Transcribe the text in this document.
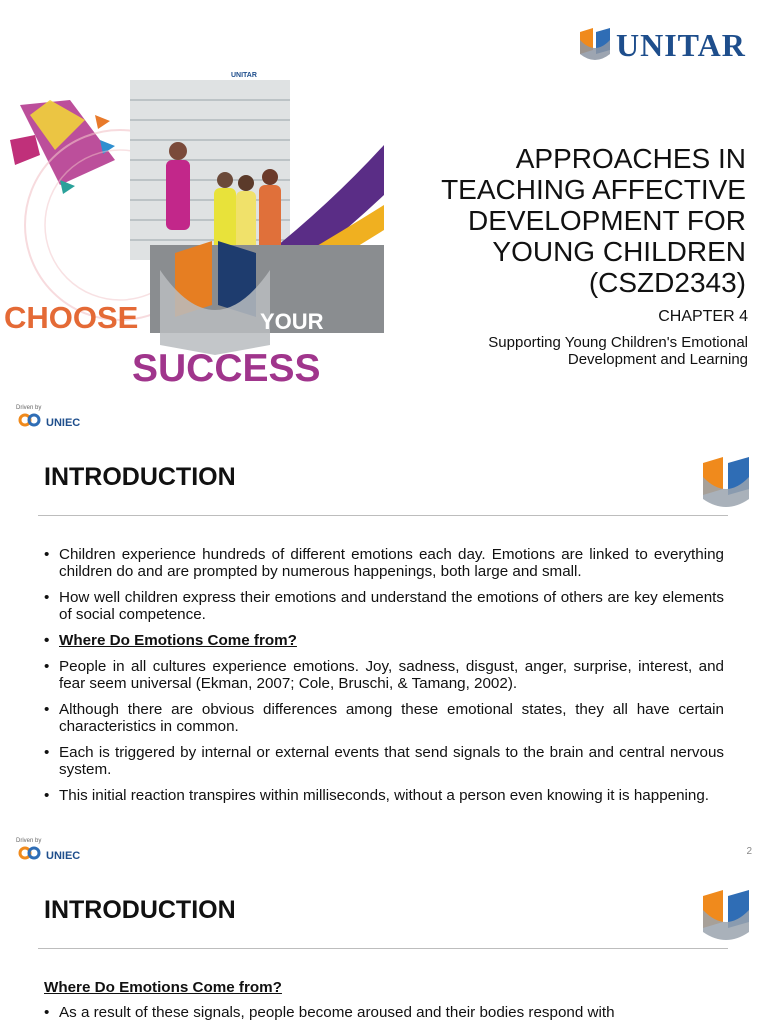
UNITAR
UNITAR
CHOOSE	YOUR
SUCCESS
APPROACHES IN
TEACHING AFFECTIVE
DEVELOPMENT FOR
YOUNG CHILDREN
(CSZD2343)
CHAPTER 4
Supporting Young Children's Emotional Development and Learning
Driven by
UNIEC
INTRODUCTION
• Children experience hundreds of different emotions each day. Emotions are linked to everything children do and are prompted by numerous happenings, both large and small.
• How well children express their emotions and understand the emotions of others are key elements of social competence.
• Where Do Emotions Come from?
• People in all cultures experience emotions. Joy, sadness, disgust, anger, surprise, interest, and fear seem universal (Ekman, 2007; Cole, Bruschi, & Tamang, 2002).
• Although there are obvious differences among these emotional states, they all have certain characteristics in common.
• Each is triggered by internal or external events that send signals to the brain and central nervous system.
• This initial reaction transpires within milliseconds, without a person even knowing it is happening.
Driven by
UNIEC	2
INTRODUCTION
Where Do Emotions Come from?
• As a result of these signals, people become aroused and their bodies respond with
